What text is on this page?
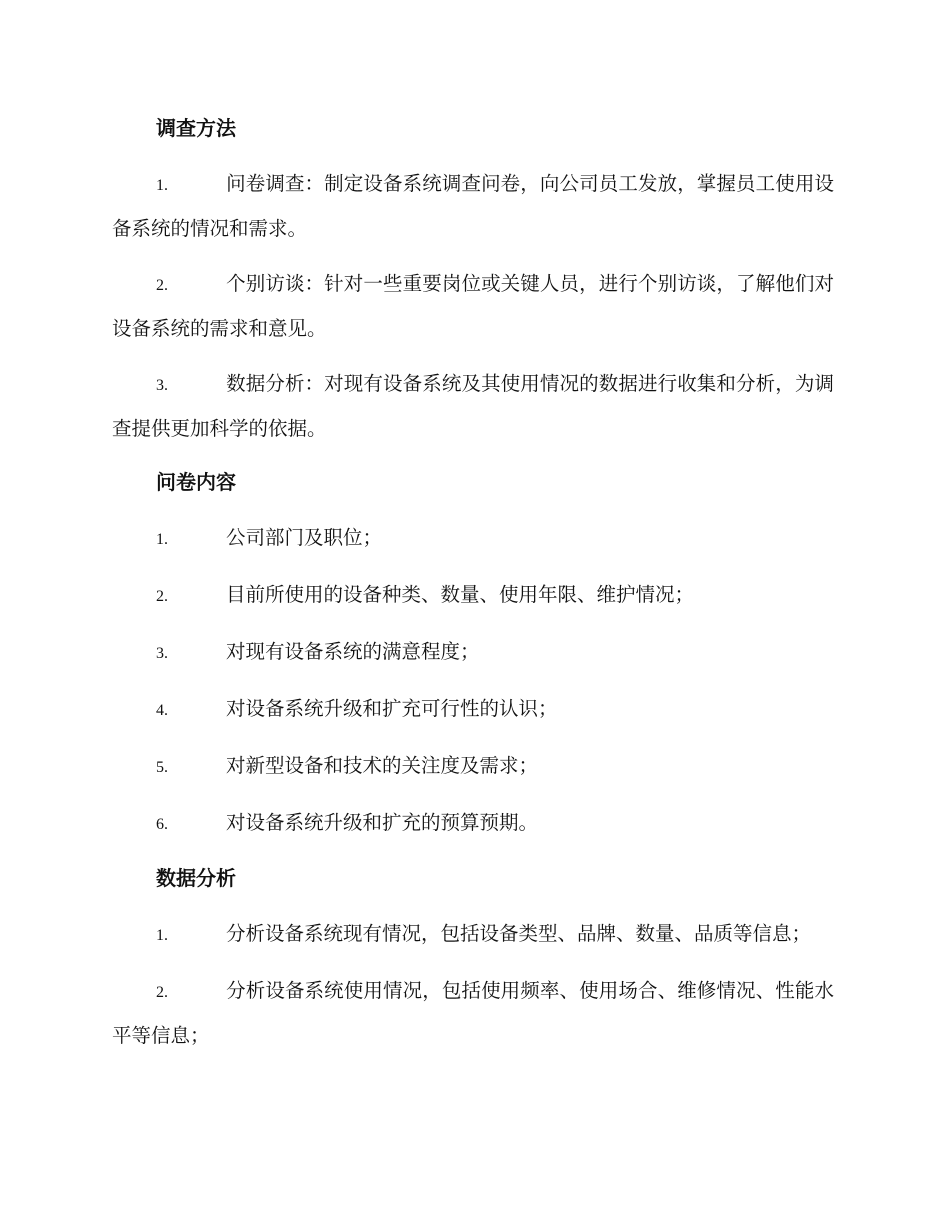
调查方法

1.	问卷调查：制定设备系统调查问卷，向公司员工发放，掌握员工使用设备系统的情况和需求。

2.	个别访谈：针对一些重要岗位或关键人员，进行个别访谈，了解他们对设备系统的需求和意见。

3.	数据分析：对现有设备系统及其使用情况的数据进行收集和分析，为调查提供更加科学的依据。

问卷内容

1.	公司部门及职位；

2.	目前所使用的设备种类、数量、使用年限、维护情况；

3.	对现有设备系统的满意程度；

4.	对设备系统升级和扩充可行性的认识；

5.	对新型设备和技术的关注度及需求；

6.	对设备系统升级和扩充的预算预期。

数据分析

1.	分析设备系统现有情况，包括设备类型、品牌、数量、品质等信息；

2.	分析设备系统使用情况，包括使用频率、使用场合、维修情况、性能水平等信息；
